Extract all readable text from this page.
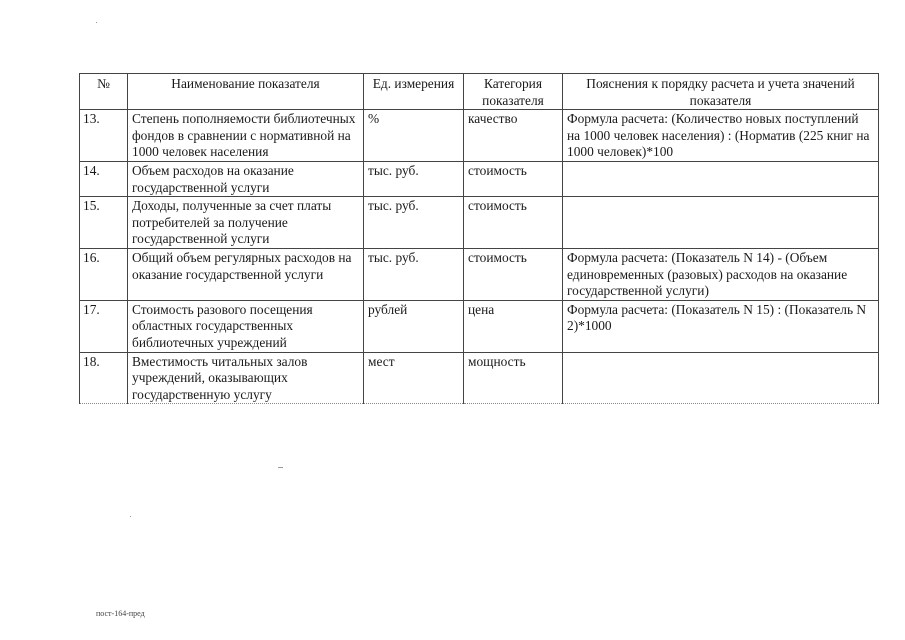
№	Наименование показателя	Ед. измерения	Категория показателя	Пояснения к порядку расчета и учета значений показателя
13.	Степень пополняемости библиотечных фондов в сравнении с нормативной на 1000 человек населения	%	качество	Формула расчета: (Количество новых поступлений на 1000 человек населения) : (Норматив (225 книг на 1000 человек)*100
14.	Объем расходов на оказание государственной услуги	тыс. руб.	стоимость	
15.	Доходы, полученные за счет платы потребителей за получение государственной услуги	тыс. руб.	стоимость	
16.	Общий объем регулярных расходов на оказание государственной услуги	тыс. руб.	стоимость	Формула расчета: (Показатель N 14) - (Объем единовременных (разовых) расходов на оказание государственной услуги)
17.	Стоимость разового посещения областных государственных библиотечных учреждений	рублей	цена	Формула расчета: (Показатель N 15) : (Показатель N 2)*1000
18.	Вместимость читальных залов учреждений, оказывающих государственную услугу	мест	мощность	
пост-164-пред
